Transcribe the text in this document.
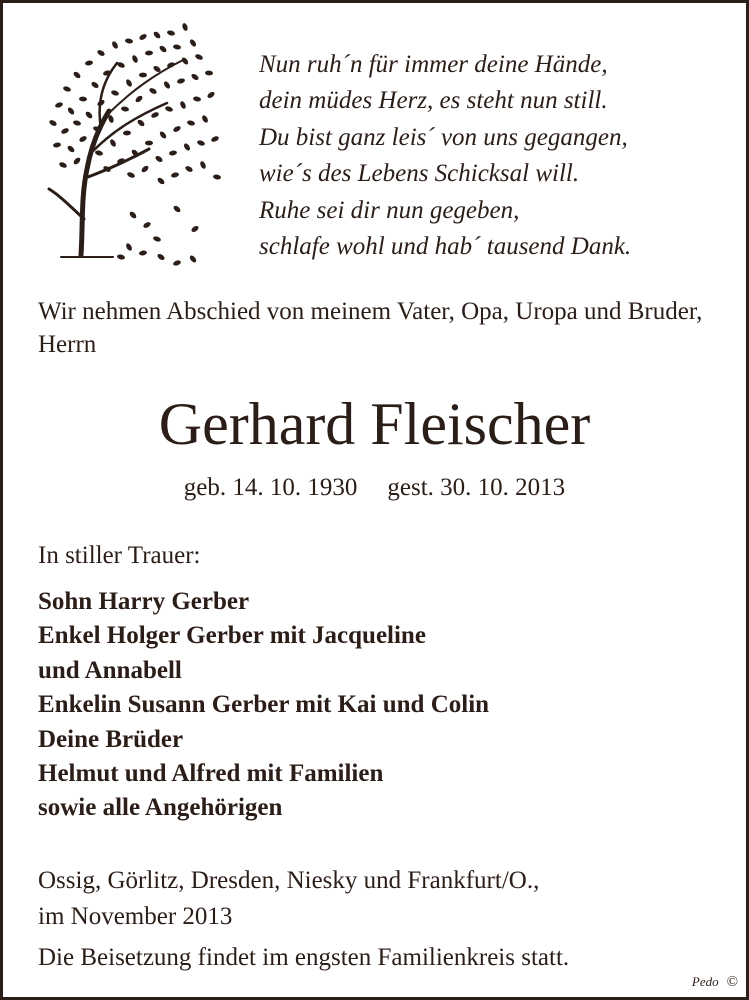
Nun ruh´n für immer deine Hände,
dein müdes Herz, es steht nun still.
Du bist ganz leis´ von uns gegangen,
wie´s des Lebens Schicksal will.
Ruhe sei dir nun gegeben,
schlafe wohl und hab´ tausend Dank.
Wir nehmen Abschied von meinem Vater, Opa, Uropa und Bruder, Herrn
Gerhard Fleischer
geb. 14. 10. 1930 gest. 30. 10. 2013
In stiller Trauer:
Sohn Harry Gerber
Enkel Holger Gerber mit Jacqueline
und Annabell
Enkelin Susann Gerber mit Kai und Colin
Deine Brüder
Helmut und Alfred mit Familien
sowie alle Angehörigen
Ossig, Görlitz, Dresden, Niesky und Frankfurt/O.,
im November 2013
Die Beisetzung findet im engsten Familienkreis statt.
Pedo ©
